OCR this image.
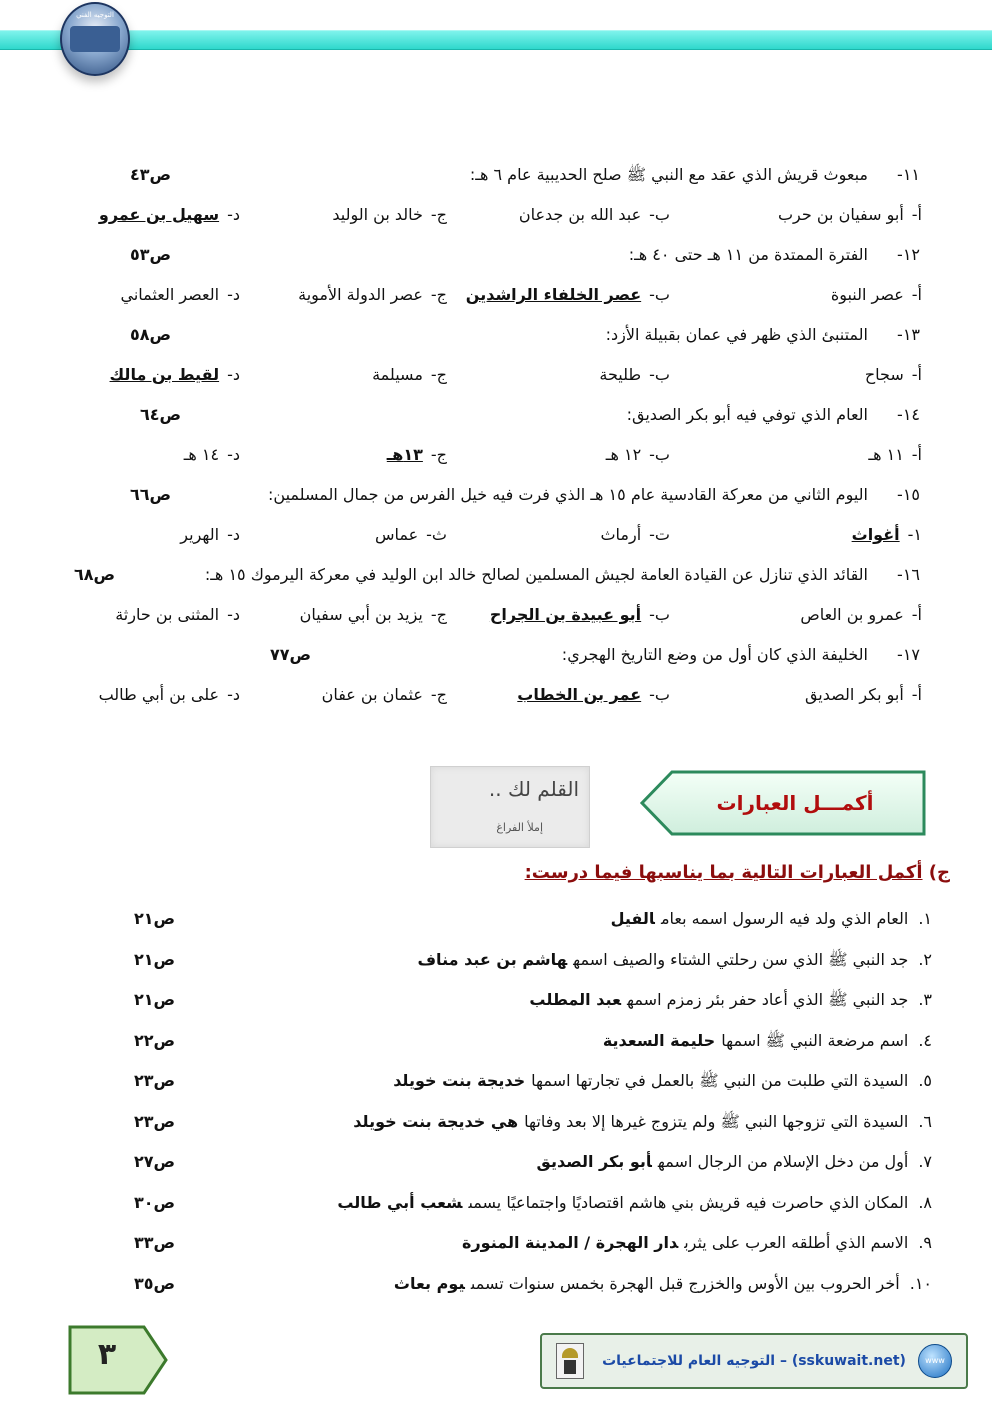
التوجيه الفني
١١-
مبعوث قريش الذي عقد مع النبي ﷺ صلح الحديبية عام ٦ هـ:
ص٤٣
أ-أبو سفيان بن حرب
ب-عبد الله بن جدعان
ج-خالد بن الوليد
د-سهيل بن عمرو
١٢-
الفترة الممتدة من ١١ هـ حتى ٤٠ هـ:
ص٥٣
أ-عصر النبوة
ب-عصر الخلفاء الراشدين
ج-عصر الدولة الأموية
د-العصر العثماني
١٣-
المتنبئ الذي ظهر في عمان بقبيلة الأزد:
ص٥٨
أ-سجاح
ب-طليحة
ج-مسيلمة
د-لقيط بن مالك
١٤-
العام الذي توفي فيه أبو بكر الصديق:
ص٦٤
أ-١١ هـ
ب-١٢ هـ
ج-١٣هـ
د-١٤ هـ
١٥-
اليوم الثاني من معركة القادسية عام ١٥ هـ الذي فرت فيه خيل الفرس من جمال المسلمين:
ص٦٦
١-أغواث
ت-أرماث
ث-عماس
د-الهرير
١٦-
القائد الذي تنازل عن القيادة العامة لجيش المسلمين لصالح خالد ابن الوليد في معركة اليرموك ١٥ هـ:
ص٦٨
أ-عمرو بن العاص
ب-أبو عبيدة بن الجراح
ج-يزيد بن أبي سفيان
د-المثنى بن حارثة
١٧-
الخليفة الذي كان أول من وضع التاريخ الهجري:
ص٧٧
أ-أبو بكر الصديق
ب-عمر بن الخطاب
ج-عثمان بن عفان
د-على بن أبي طالب
أكمـــل العبارات
القلم لك ..
إملأ الفراغ
ج) أكمل العبارات التالية بما يناسبها فيما درست:
١.العام الذي ولد فيه الرسول اسمه بعامالفيل
ص٢١
٢.جد النبي ﷺ الذي سن رحلتي الشتاء والصيف اسمههاشم بن عبد مناف
ص٢١
٣.جد النبي ﷺ الذي أعاد حفر بئر زمزم اسمهعبد المطلب
ص٢١
٤.اسم مرضعة النبي ﷺ اسمهاحليمة السعدية
ص٢٢
٥.السيدة التي طلبت من النبي ﷺ بالعمل في تجارتها اسمهاخديجة بنت خويلد
ص٢٣
٦.السيدة التي تزوجها النبي ﷺ ولم يتزوج غيرها إلا بعد وفاتهاهي خديجة بنت خويلد
ص٢٣
٧.أول من دخل الإسلام من الرجال اسمهأبو بكر الصديق
ص٢٧
٨.المكان الذي حاصرت فيه قريش بني هاشم اقتصاديًا واجتماعيًا يسمىشعب أبي طالب
ص٣٠
٩.الاسم الذي أطلقه العرب على يثربدار الهجرة / المدينة المنورة
ص٣٣
١٠.أخر الحروب بين الأوس والخزرج قبل الهجرة بخمس سنوات تسمىيوم بعاث
ص٣٥
٣	(sskuwait.net) – التوجيه العام للاجتماعيات	www
